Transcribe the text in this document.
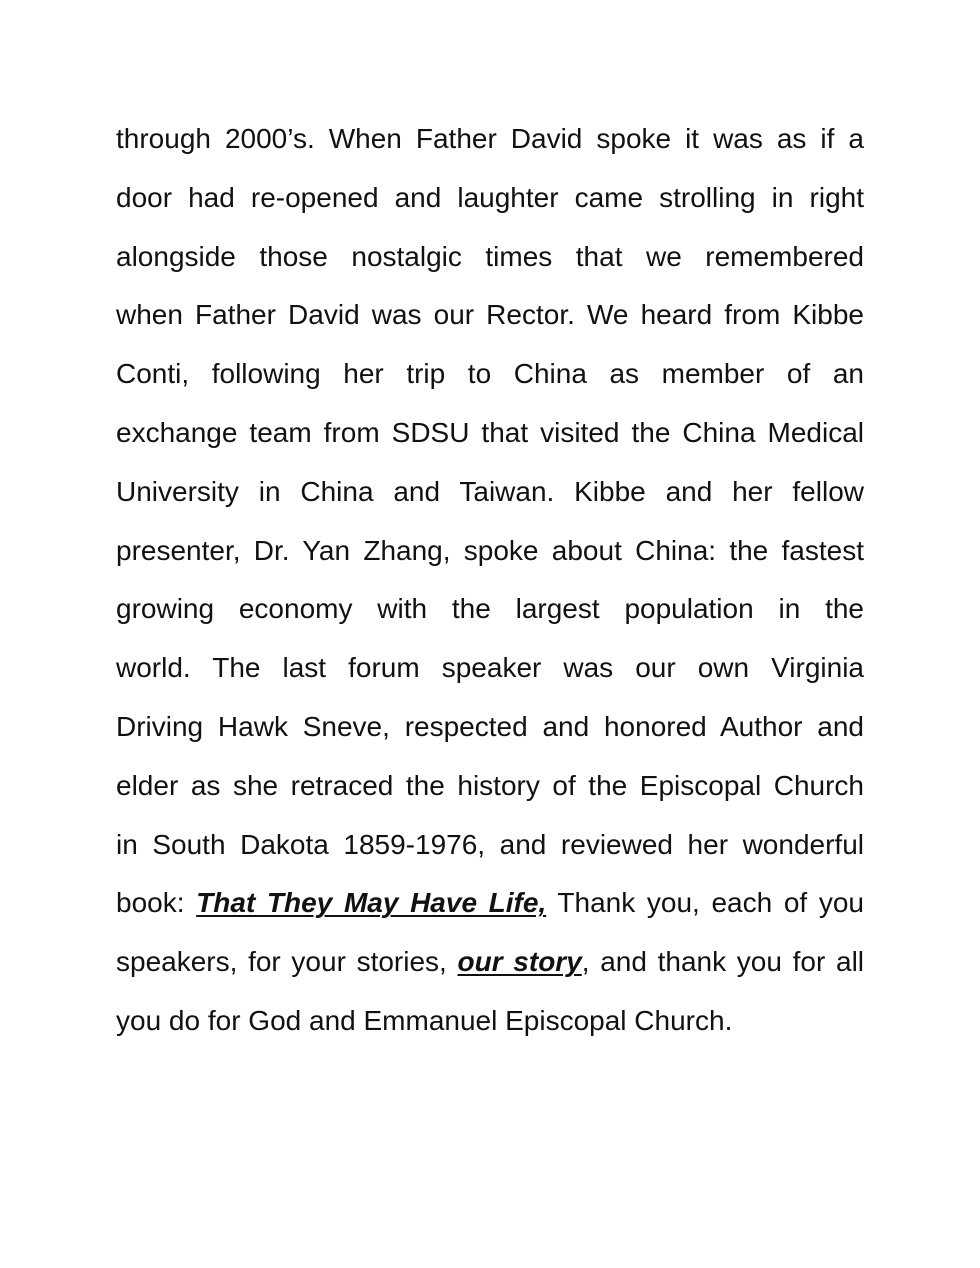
through 2000’s. When Father David spoke it was as if a
door had re-opened and laughter came strolling in right
alongside those nostalgic times that we remembered
when Father David was our Rector. We heard from Kibbe
Conti, following her trip to China as member of an
exchange team from SDSU that visited the China Medical
University in China and Taiwan. Kibbe and her fellow
presenter, Dr. Yan Zhang, spoke about China: the fastest
growing economy with the largest population in the
world. The last forum speaker was our own Virginia
Driving Hawk Sneve, respected and honored Author and
elder as she retraced the history of the Episcopal Church
in South Dakota 1859-1976, and reviewed her wonderful
book: That They May Have Life, Thank you, each of you
speakers, for your stories, our story, and thank you for all
you do for God and Emmanuel Episcopal Church.
